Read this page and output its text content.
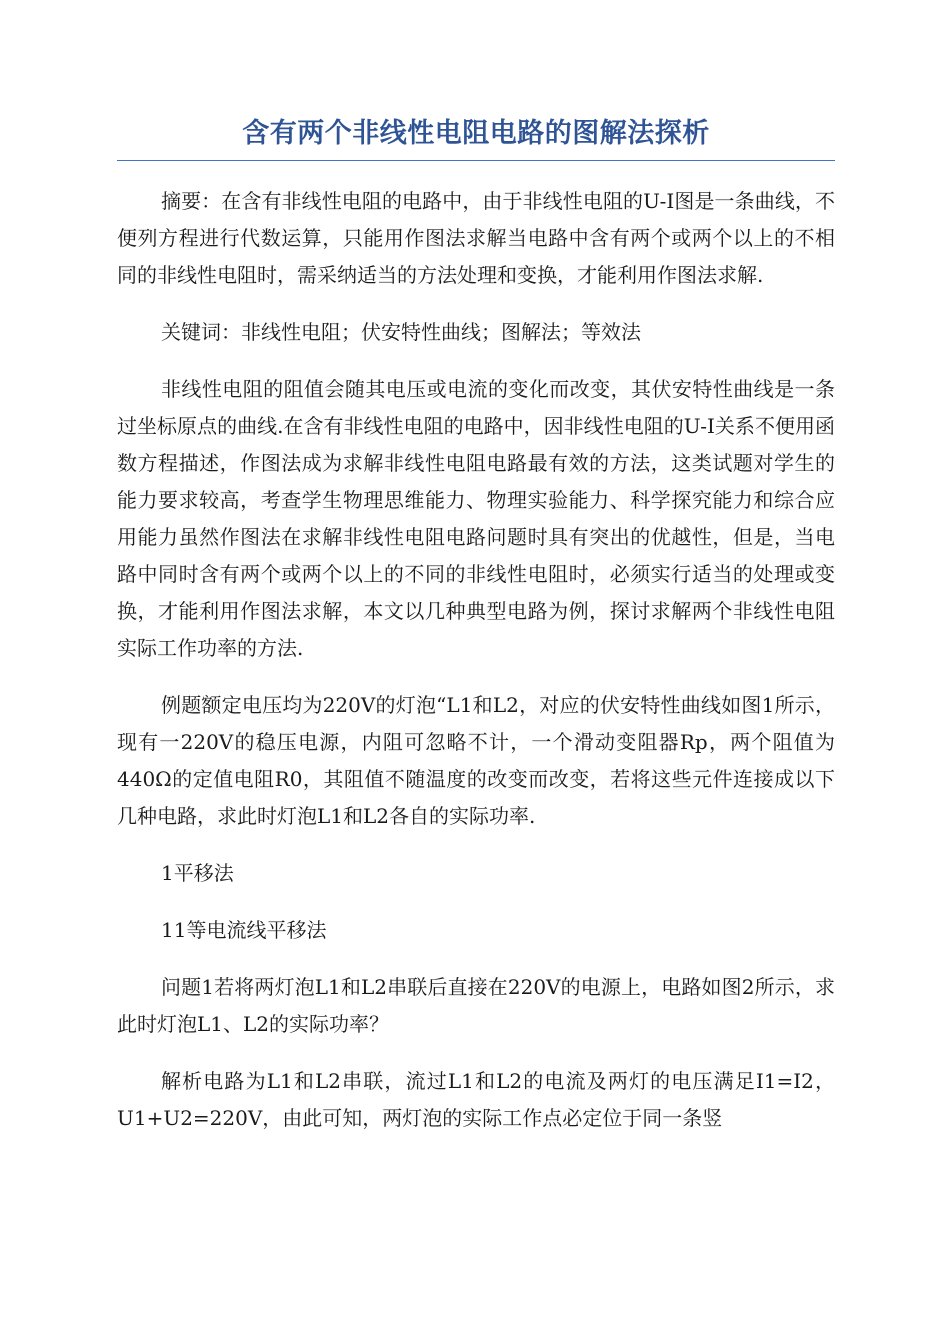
含有两个非线性电阻电路的图解法探析

摘要：在含有非线性电阻的电路中，由于非线性电阻的U-I图是一条曲线，不便列方程进行代数运算，只能用作图法求解当电路中含有两个或两个以上的不相同的非线性电阻时，需采纳适当的方法处理和变换，才能利用作图法求解.

关键词：非线性电阻；伏安特性曲线；图解法；等效法

非线性电阻的阻值会随其电压或电流的变化而改变，其伏安特性曲线是一条过坐标原点的曲线.在含有非线性电阻的电路中，因非线性电阻的U-I关系不便用函数方程描述，作图法成为求解非线性电阻电路最有效的方法，这类试题对学生的能力要求较高，考查学生物理思维能力、物理实验能力、科学探究能力和综合应用能力虽然作图法在求解非线性电阻电路问题时具有突出的优越性，但是，当电路中同时含有两个或两个以上的不同的非线性电阻时，必须实行适当的处理或变换，才能利用作图法求解，本文以几种典型电路为例，探讨求解两个非线性电阻实际工作功率的方法.

例题额定电压均为220V的灯泡“L1和L2，对应的伏安特性曲线如图1所示，现有一220V的稳压电源，内阻可忽略不计，一个滑动变阻器Rp，两个阻值为440Ω的定值电阻R0，其阻值不随温度的改变而改变，若将这些元件连接成以下几种电路，求此时灯泡L1和L2各自的实际功率.

1平移法

11等电流线平移法

问题1若将两灯泡L1和L2串联后直接在220V的电源上，电路如图2所示，求此时灯泡L1、L2的实际功率？

解析电路为L1和L2串联，流过L1和L2的电流及两灯的电压满足I1=I2，U1+U2=220V，由此可知，两灯泡的实际工作点必定位于同一条竖
